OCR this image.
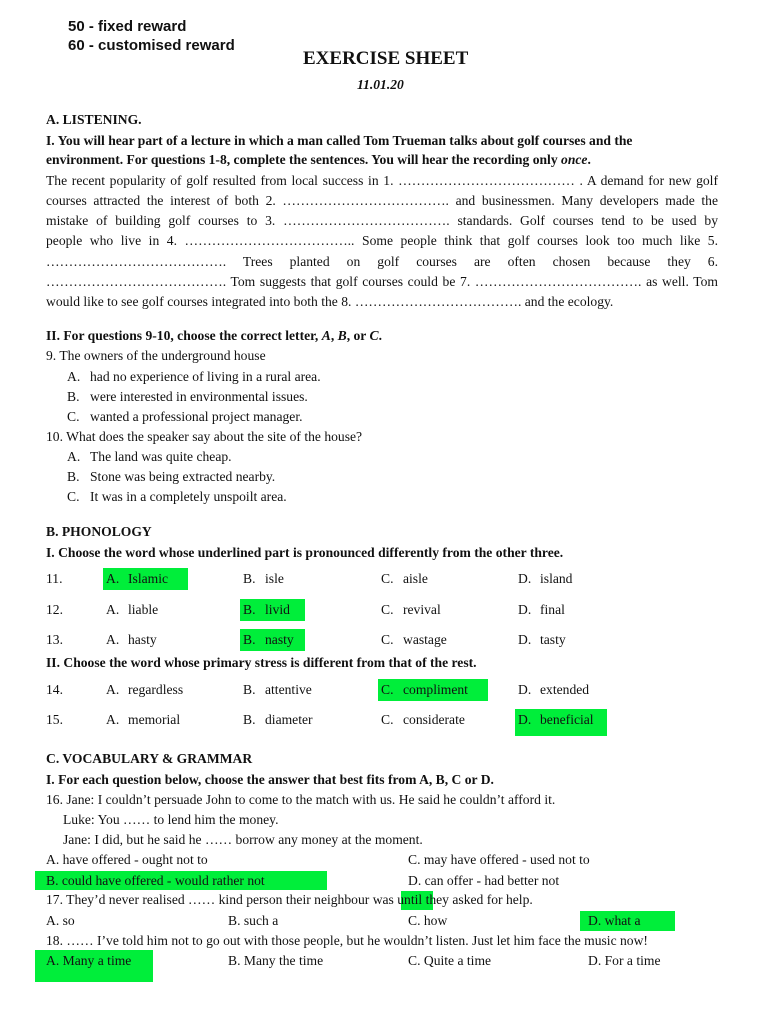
50 - fixed reward
60 - customised reward
EXERCISE SHEET
11.01.20
A. LISTENING.
I. You will hear part of a lecture in which a man called Tom Trueman talks about golf courses and the
environment. For questions 1-8, complete the sentences. You will hear the recording only once.
The recent popularity of golf resulted from local success in 1. ………………………………… . A demand for new golf
courses attracted the interest of both 2. ………………………………. and businessmen. Many developers made the
mistake of building golf courses to 3. ………………………………. standards. Golf courses tend to be used by
people who live in 4. ……………………………….. Some people think that golf courses look too much like 5.
…………………………………. Trees planted on golf courses are often chosen because they 6.
…………………………………. Tom suggests that golf courses could be 7. ………………………………. as well. Tom
would like to see golf courses integrated into both the 8. ………………………………. and the ecology.
II. For questions 9-10, choose the correct letter, A, B, or C.
9. The owners of the underground house
A. had no experience of living in a rural area.
B. were interested in environmental issues.
C. wanted a professional project manager.
10. What does the speaker say about the site of the house?
A. The land was quite cheap.
B. Stone was being extracted nearby.
C. It was in a completely unspoilt area.
B. PHONOLOGY
I. Choose the word whose underlined part is pronounced differently from the other three.
II. Choose the word whose primary stress is different from that of the rest.
11.	A. Islamic	B. isle	C. aisle	D. island
12.	A. liable	B. livid	C. revival	D. final
13.	A. hasty	B. nasty	C. wastage	D. tasty
14.	A. regardless	B. attentive	C. compliment	D. extended
15.	A. memorial	B. diameter	C. considerate	D. beneficial
C. VOCABULARY & GRAMMAR
I. For each question below, choose the answer that best fits from A, B, C or D.
16. Jane: I couldn’t persuade John to come to the match with us. He said he couldn’t afford it.
Luke: You …… to lend him the money.
Jane: I did, but he said he …… borrow any money at the moment.
A. have offered - ought not to	C. may have offered - used not to
B. could have offered - would rather not	D. can offer - had better not
17. They’d never realised …… kind person their neighbour was until they asked for help.
A. so	B. such a	C. how	D. what a
18. …… I’ve told him not to go out with those people, but he wouldn’t listen. Just let him face the music now!
A. Many a time	B. Many the time	C. Quite a time	D. For a time
